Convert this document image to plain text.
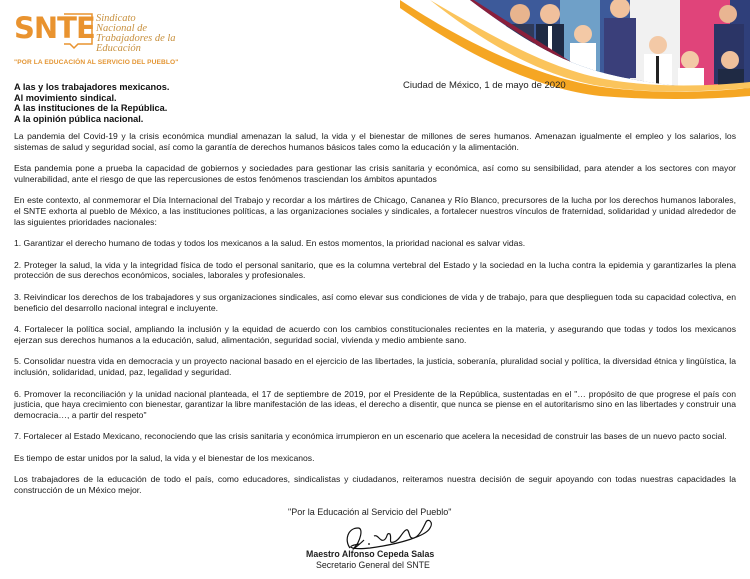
SNTE Sindicato
Nacional de
Trabajadores de la
Educación
"POR LA EDUCACIÓN AL SERVICIO DEL PUEBLO"
Ciudad de México, 1 de mayo de 2020
A las y los trabajadores mexicanos.
Al movimiento sindical.
A las instituciones de la República.
A la opinión pública nacional.

La pandemia del Covid-19 y la crisis económica mundial amenazan la salud, la vida y el bienestar de millones de seres humanos. Amenazan igualmente el empleo y los salarios, los sistemas de salud y seguridad social, así como la garantía de derechos humanos básicos tales como la educación y la alimentación.

Esta pandemia pone a prueba la capacidad de gobiernos y sociedades para gestionar las crisis sanitaria y económica, así como su sensibilidad, para atender a los sectores con mayor vulnerabilidad, ante el riesgo de que las repercusiones de estos fenómenos trasciendan los ámbitos apuntados

En este contexto, al conmemorar el Día Internacional del Trabajo y recordar a los mártires de Chicago, Cananea y Río Blanco, precursores de la lucha por los derechos humanos laborales, el SNTE exhorta al pueblo de México, a las instituciones políticas, a las organizaciones sociales y sindicales, a fortalecer nuestros vínculos de fraternidad, solidaridad y unidad alrededor de las siguientes prioridades nacionales:

1. Garantizar el derecho humano de todas y todos los mexicanos a la salud. En estos momentos, la prioridad nacional es salvar vidas.

2. Proteger la salud, la vida y la integridad física de todo el personal sanitario, que es la columna vertebral del Estado y la sociedad en la lucha contra la epidemia y garantizarles la plena protección de sus derechos económicos, sociales, laborales y profesionales.

3. Reivindicar los derechos de los trabajadores y sus organizaciones sindicales, así como elevar sus condiciones de vida y de trabajo, para que desplieguen toda su capacidad colectiva, en beneficio del desarrollo nacional integral e incluyente.

4. Fortalecer la política social, ampliando la inclusión y la equidad de acuerdo con los cambios constitucionales recientes en la materia, y asegurando que todas y todos los mexicanos ejerzan sus derechos humanos a la educación, salud, alimentación, seguridad social, vivienda y medio ambiente sano.

5. Consolidar nuestra vida en democracia y un proyecto nacional basado en el ejercicio de las libertades, la justicia, soberanía, pluralidad social y política, la diversidad étnica y lingüística, la inclusión, solidaridad, unidad, paz, legalidad y seguridad.

6. Promover la reconciliación y la unidad nacional planteada, el 17 de septiembre de 2019, por el Presidente de la República, sustentadas en el "… propósito de que progrese el país con justicia, que haya crecimiento con bienestar, garantizar la libre manifestación de las ideas, el derecho a disentir, que nunca se piense en el autoritarismo sino en las libertades y construir una democracia…, a partir del respeto"

7. Fortalecer al Estado Mexicano, reconociendo que las crisis sanitaria y económica irrumpieron en un escenario que acelera la necesidad de construir las bases de un nuevo pacto social.

Es tiempo de estar unidos por la salud, la vida y el bienestar de los mexicanos.

Los trabajadores de la educación de todo el país, como educadores, sindicalistas y ciudadanos, reiteramos nuestra decisión de seguir apoyando con todas nuestras capacidades la construcción de un México mejor.

"Por la Educación al Servicio del Pueblo"
Maestro Alfonso Cepeda Salas
Secretario General del SNTE
